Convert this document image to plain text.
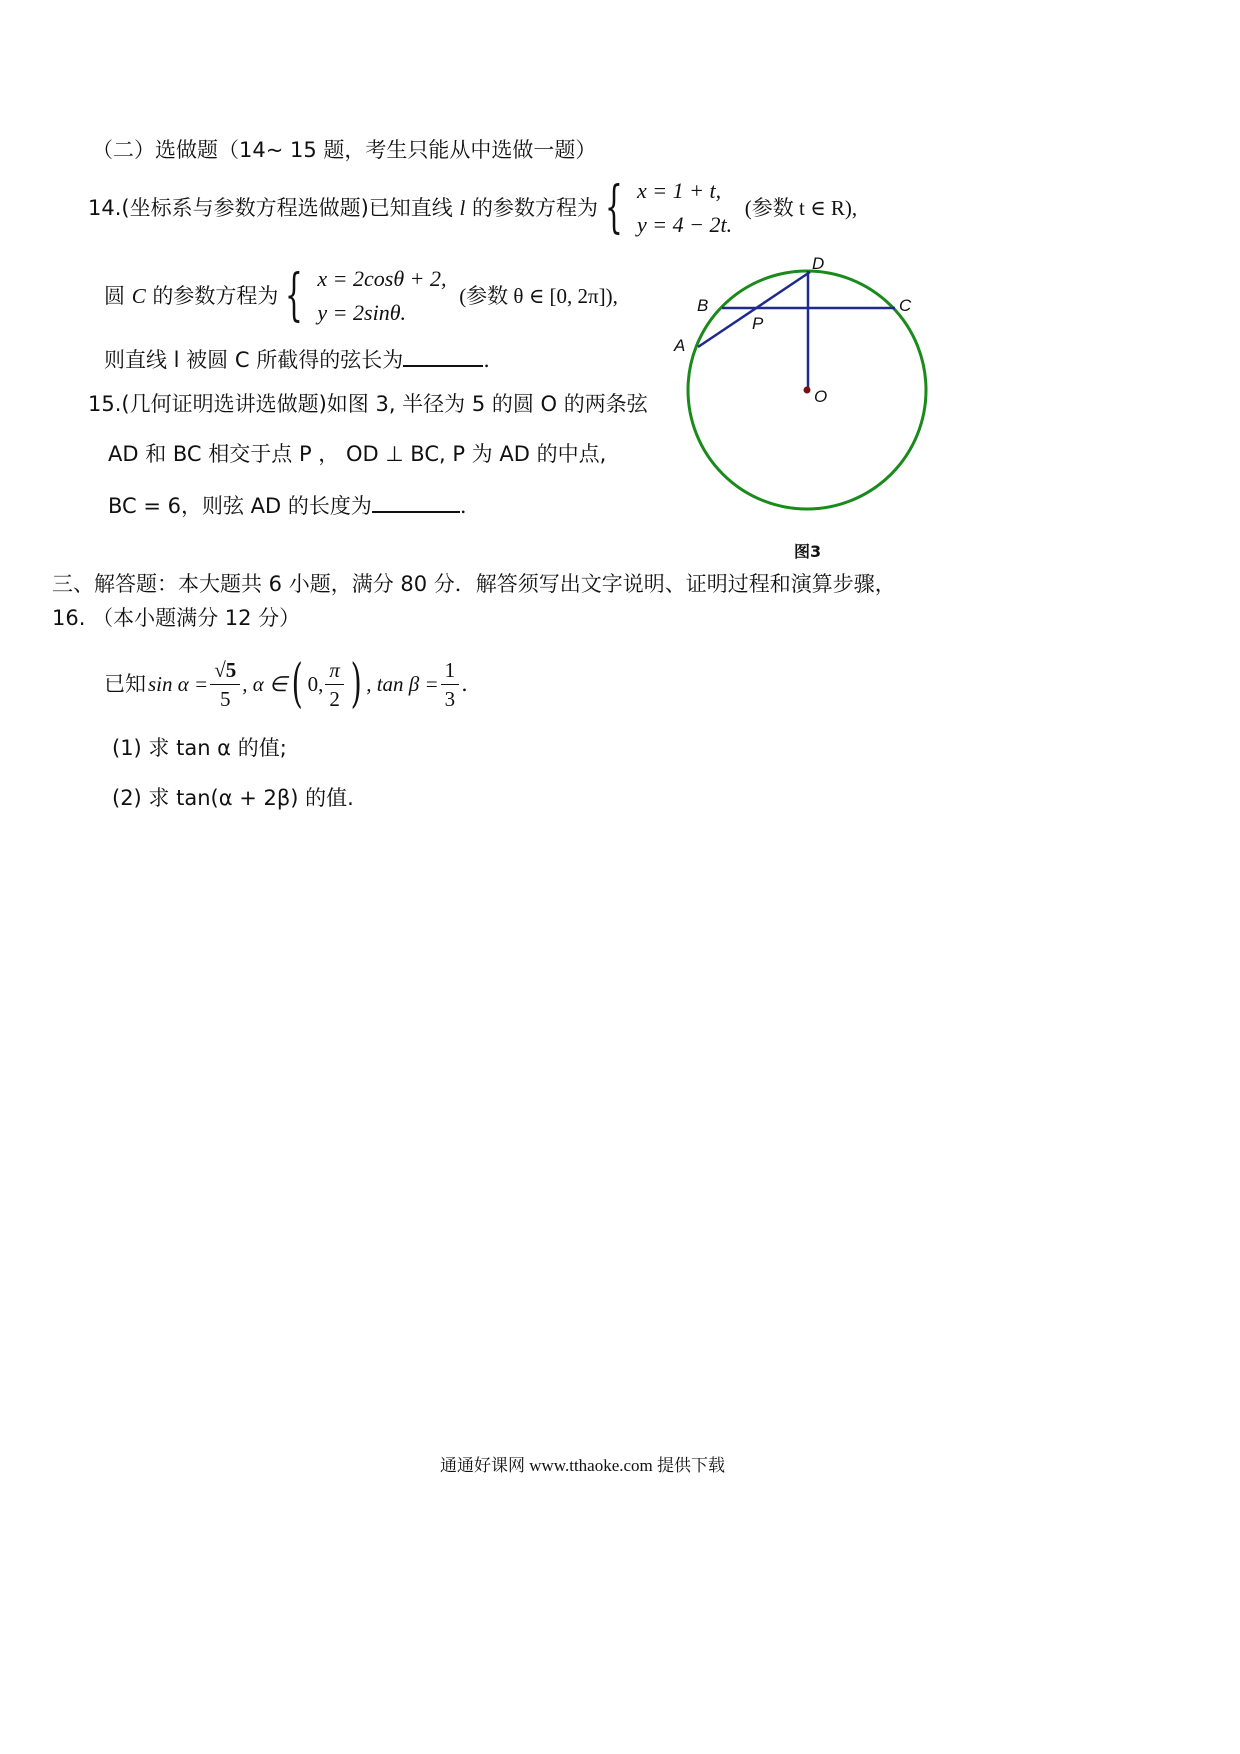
（二）选做题（14~ 15 题，考生只能从中选做一题）
14.(坐标系与参数方程选做题)已知直线 l 的参数方程为 { x = 1 + t,
y = 4 − 2t.
(参数 t ∈ R),
圆 C 的参数方程为 { x = 2cosθ + 2,
y = 2sinθ.
(参数 θ ∈ [0, 2π]),
则直线 l 被圆 C 所截得的弦长为	.
15.(几何证明选讲选做题)如图 3, 半径为 5 的圆 O 的两条弦
AD 和 BC 相交于点 P ， OD ⊥ BC, P 为 AD 的中点,
BC = 6，则弦 AD 的长度为	.
D
B	C
P
A
O
图3
三、解答题：本大题共 6 小题，满分 80 分．解答须写出文字说明、证明过程和演算步骤，
16. （本小题满分 12 分）
已知 $\sin \alpha = \frac{√5}{5}$ , α ∈ ( 0, $\frac{\pi}{2}$ ) , $\tan \beta = \frac{1}{3}$ .
(1) 求 tan α 的值;
(2) 求 tan(α + 2β) 的值.
通通好课网 www.tthaoke.com 提供下载
